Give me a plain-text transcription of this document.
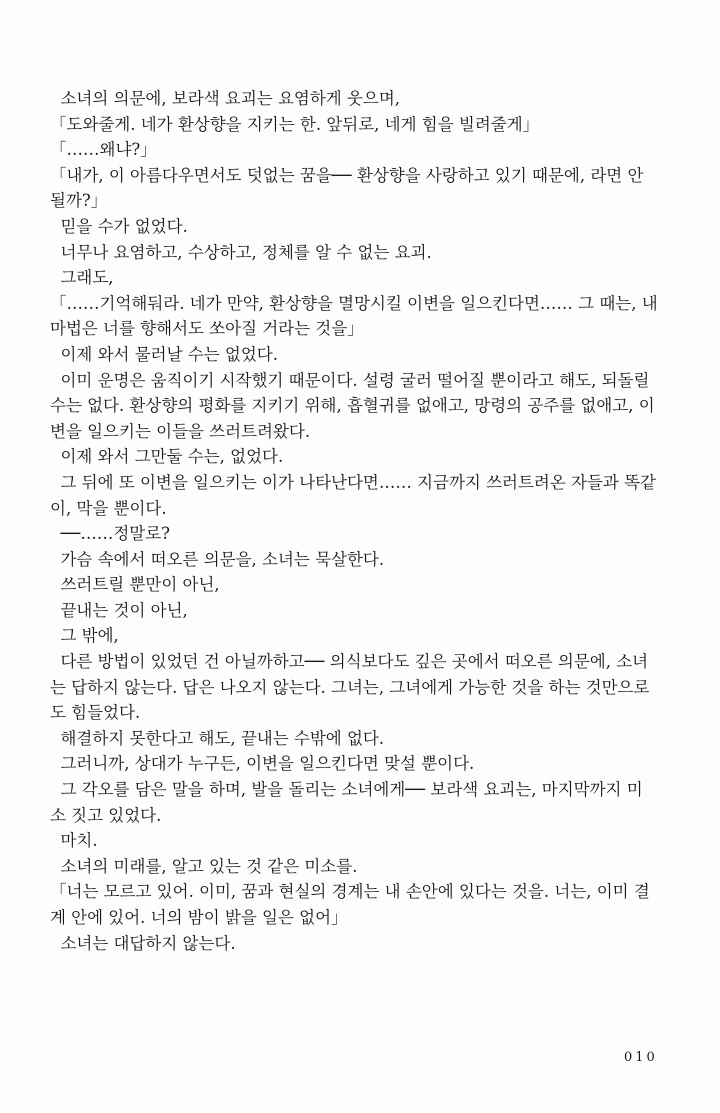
소녀의 의문에, 보라색 요괴는 요염하게 웃으며,
「도와줄게. 네가 환상향을 지키는 한. 앞뒤로, 네게 힘을 빌려줄게」
「……왜냐?」
「내가, 이 아름다우면서도 덧없는 꿈을── 환상향을 사랑하고 있기 때문에, 라면 안
될까?」
믿을 수가 없었다.
너무나 요염하고, 수상하고, 정체를 알 수 없는 요괴.
그래도,
「……기억해둬라. 네가 만약, 환상향을 멸망시킬 이변을 일으킨다면…… 그 때는, 내
마법은 너를 향해서도 쏘아질 거라는 것을」
이제 와서 물러날 수는 없었다.
이미 운명은 움직이기 시작했기 때문이다. 설령 굴러 떨어질 뿐이라고 해도, 되돌릴
수는 없다. 환상향의 평화를 지키기 위해, 흡혈귀를 없애고, 망령의 공주를 없애고, 이
변을 일으키는 이들을 쓰러트려왔다.
이제 와서 그만둘 수는, 없었다.
그 뒤에 또 이변을 일으키는 이가 나타난다면…… 지금까지 쓰러트려온 자들과 똑같
이, 막을 뿐이다.
──……정말로?
가슴 속에서 떠오른 의문을, 소녀는 묵살한다.
쓰러트릴 뿐만이 아닌,
끝내는 것이 아닌,
그 밖에,
다른 방법이 있었던 건 아닐까하고── 의식보다도 깊은 곳에서 떠오른 의문에, 소녀
는 답하지 않는다. 답은 나오지 않는다. 그녀는, 그녀에게 가능한 것을 하는 것만으로
도 힘들었다.
해결하지 못한다고 해도, 끝내는 수밖에 없다.
그러니까, 상대가 누구든, 이변을 일으킨다면 맞설 뿐이다.
그 각오를 담은 말을 하며, 발을 돌리는 소녀에게── 보라색 요괴는, 마지막까지 미
소 짓고 있었다.
마치.
소녀의 미래를, 알고 있는 것 같은 미소를.
「너는 모르고 있어. 이미, 꿈과 현실의 경계는 내 손안에 있다는 것을. 너는, 이미 결
계 안에 있어. 너의 밤이 밝을 일은 없어」
소녀는 대답하지 않는다.
010
